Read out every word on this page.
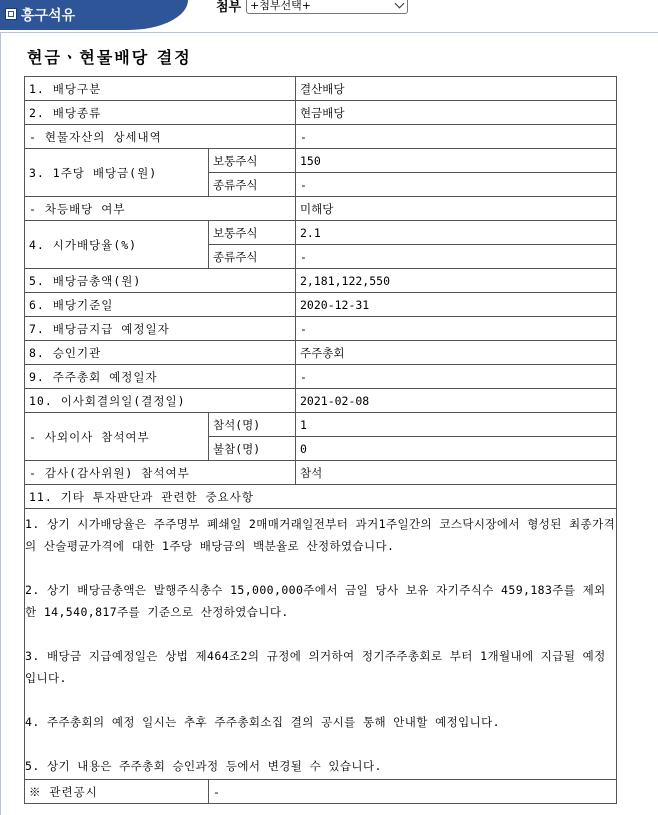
흥구석유
첨부 +첨부선택+
현금ㆍ현물배당 결정
1. 배당구분		결산배당
2. 배당종류		현금배당
- 현물자산의 상세내역		-
3. 1주당 배당금(원)	보통주식	150
	종류주식	-
- 차등배당 여부		미해당
4. 시가배당율(%)	보통주식	2.1
	종류주식	-
5. 배당금총액(원)		2,181,122,550
6. 배당기준일		2020-12-31
7. 배당금지급 예정일자		-
8. 승인기관		주주총회
9. 주주총회 예정일자		-
10. 이사회결의일(결정일)		2021-02-08
- 사외이사 참석여부	참석(명)	1
	불참(명)	0
- 감사(감사위원) 참석여부		참석
11. 기타 투자판단과 관련한 중요사항		

1. 상기 시가배당율은 주주명부 폐쇄일 2매매거래일전부터 과거1주일간의 코스닥시장에서 형성된 최종가격의 산술평균가격에 대한 1주당 배당금의 백분율로 산정하였습니다.

2. 상기 배당금총액은 발행주식총수 15,000,000주에서 금일 당사 보유 자기주식수 459,183주를 제외한 14,540,817주를 기준으로 산정하였습니다.

3. 배당금 지급예정일은 상법 제464조2의 규정에 의거하여 정기주주총회로 부터 1개월내에 지급될 예정입니다.

4. 주주총회의 예정 일시는 추후 주주총회소집 결의 공시를 통해 안내할 예정입니다.

5. 상기 내용은 주주총회 승인과정 등에서 변경될 수 있습니다.		

※ 관련공시	-	
